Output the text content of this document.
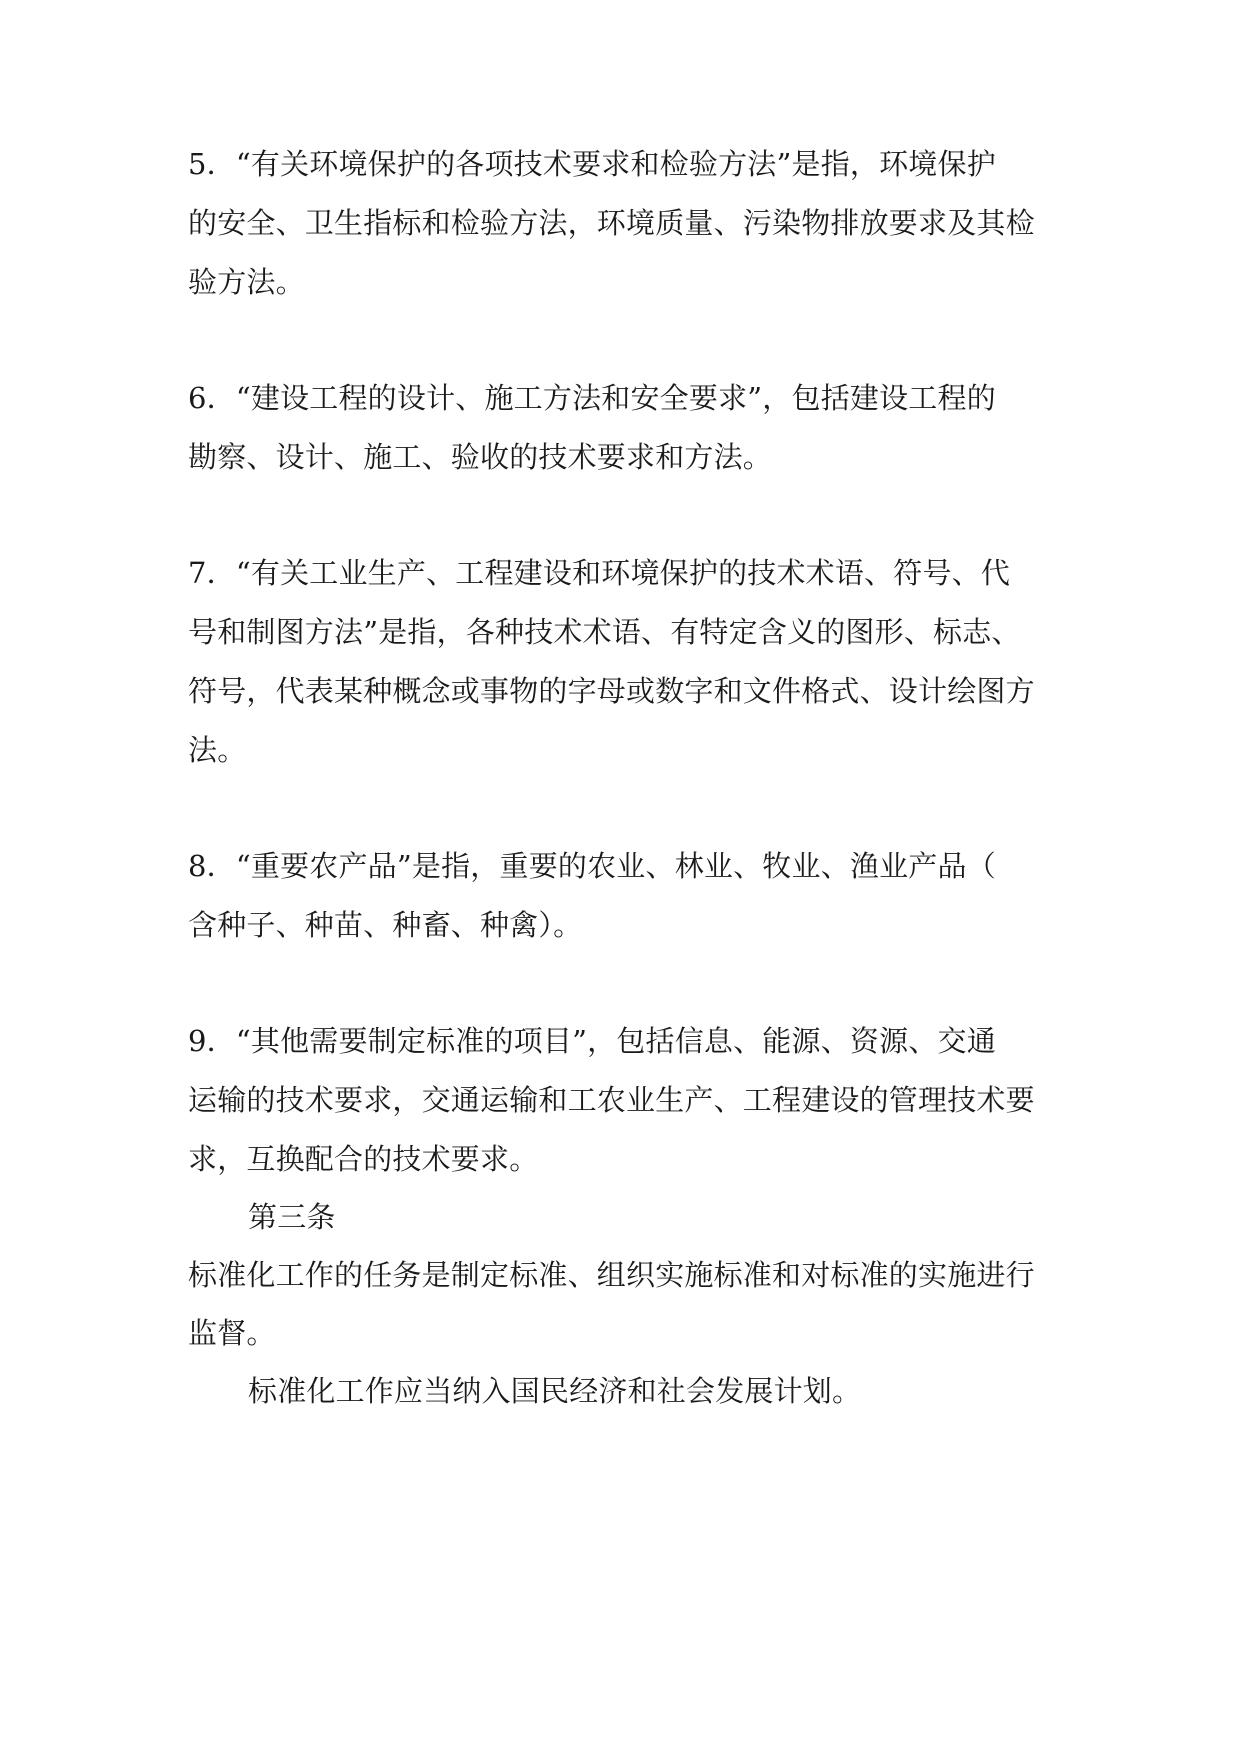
5．“有关环境保护的各项技术要求和检验方法”是指，环境保护
的安全、卫生指标和检验方法，环境质量、污染物排放要求及其检
验方法。
6．“建设工程的设计、施工方法和安全要求”，包括建设工程的
勘察、设计、施工、验收的技术要求和方法。
7．“有关工业生产、工程建设和环境保护的技术术语、符号、代
号和制图方法”是指，各种技术术语、有特定含义的图形、标志、
符号，代表某种概念或事物的字母或数字和文件格式、设计绘图方
法。
8．“重要农产品”是指，重要的农业、林业、牧业、渔业产品（
含种子、种苗、种畜、种禽）。
9．“其他需要制定标准的项目”，包括信息、能源、资源、交通
运输的技术要求，交通运输和工农业生产、工程建设的管理技术要
求，互换配合的技术要求。
第三条
标准化工作的任务是制定标准、组织实施标准和对标准的实施进行
监督。
标准化工作应当纳入国民经济和社会发展计划。
